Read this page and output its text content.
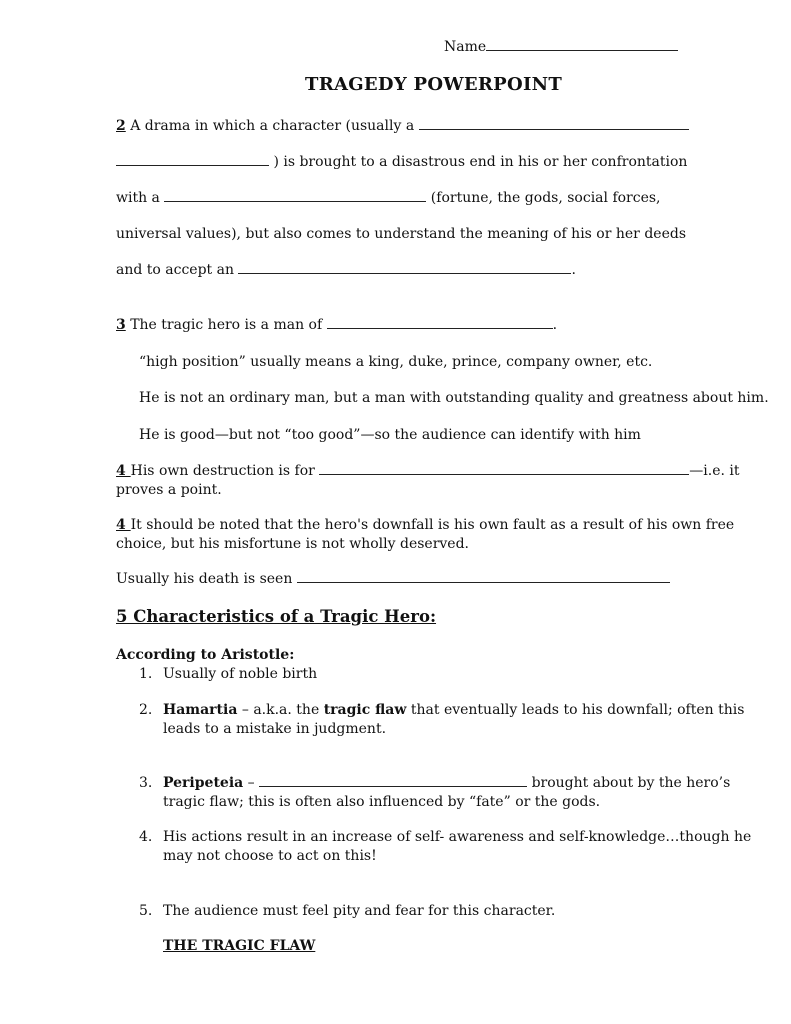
Name
TRAGEDY POWERPOINT
2 A drama in which a character (usually a
) is brought to a disastrous end in his or her confrontation
with a	(fortune, the gods, social forces,
universal values), but also comes to understand the meaning of his or her deeds
and to accept an	.
3 The tragic hero is a man of	.
“high position” usually means a king, duke, prince, company owner, etc.
He is not an ordinary man, but a man with outstanding quality and greatness about him.
He is good—but not “too good”—so the audience can identify with him
4 His own destruction is for	—i.e. it
proves a point.
4 It should be noted that the hero's downfall is his own fault as a result of his own free
choice, but his misfortune is not wholly deserved.
Usually his death is seen
5 Characteristics of a Tragic Hero:
According to Aristotle:
1. Usually of noble birth
2. Hamartia – a.k.a. the tragic flaw that eventually leads to his downfall; often this
leads to a mistake in judgment.
3. Peripeteia –	brought about by the hero’s
tragic flaw; this is often also influenced by “fate” or the gods.
4. His actions result in an increase of self- awareness and self-knowledge…though he
may not choose to act on this!
5. The audience must feel pity and fear for this character.
THE TRAGIC FLAW
